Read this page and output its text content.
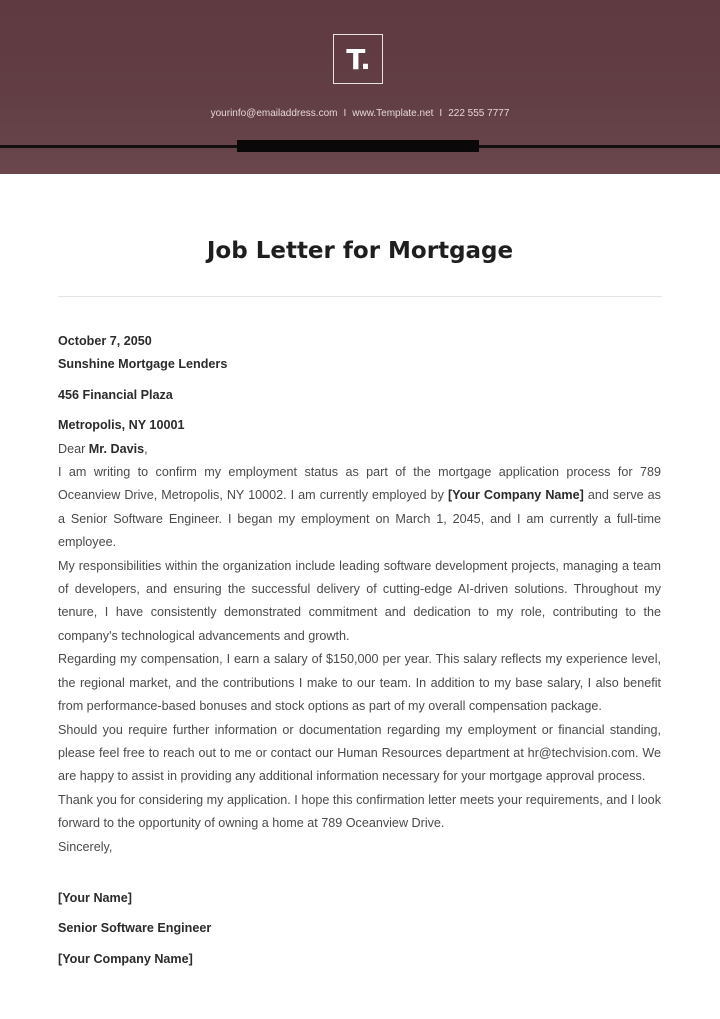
T.
yourinfo@emailaddress.com I www.Template.net I 222 555 7777
Job Letter for Mortgage

October 7, 2050

Sunshine Mortgage Lenders

456 Financial Plaza

Metropolis, NY 10001

Dear Mr. Davis,

I am writing to confirm my employment status as part of the mortgage application process for 789 Oceanview Drive, Metropolis, NY 10002. I am currently employed by [Your Company Name] and serve as a Senior Software Engineer. I began my employment on March 1, 2045, and I am currently a full-time employee.

My responsibilities within the organization include leading software development projects, managing a team of developers, and ensuring the successful delivery of cutting-edge AI-driven solutions. Throughout my tenure, I have consistently demonstrated commitment and dedication to my role, contributing to the company's technological advancements and growth.

Regarding my compensation, I earn a salary of $150,000 per year. This salary reflects my experience level, the regional market, and the contributions I make to our team. In addition to my base salary, I also benefit from performance-based bonuses and stock options as part of my overall compensation package.

Should you require further information or documentation regarding my employment or financial standing, please feel free to reach out to me or contact our Human Resources department at hr@techvision.com. We are happy to assist in providing any additional information necessary for your mortgage approval process.

Thank you for considering my application. I hope this confirmation letter meets your requirements, and I look forward to the opportunity of owning a home at 789 Oceanview Drive.

Sincerely,

[Your Name]

Senior Software Engineer

[Your Company Name]
